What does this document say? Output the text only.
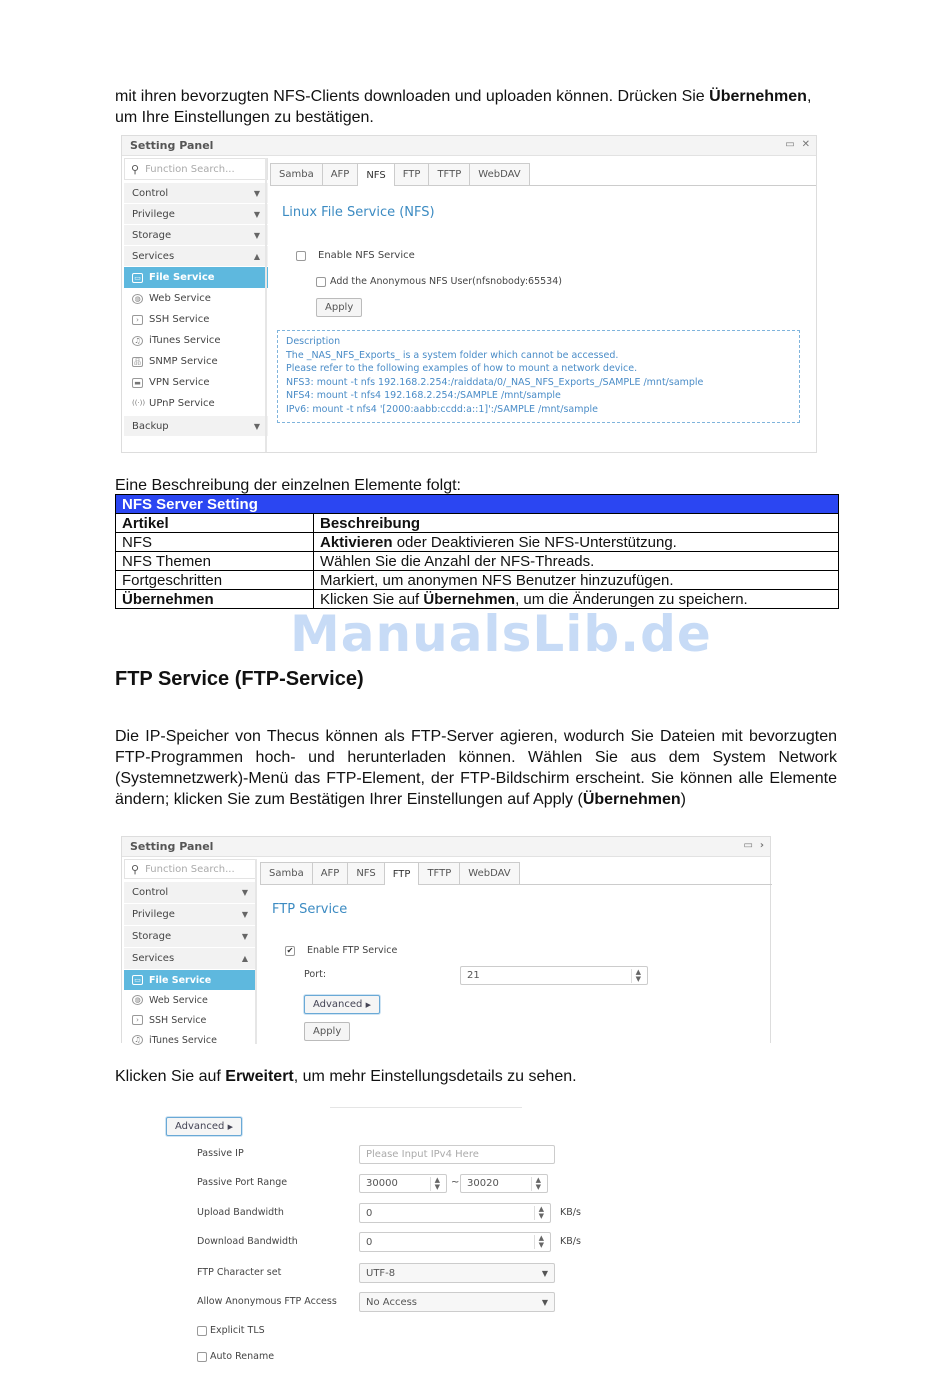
mit ihren bevorzugten NFS-Clients downloaden und uploaden können. Drücken Sie Übernehmen,
um Ihre Einstellungen zu bestätigen.
Setting Panel	▭ ✕
⚲ Function Search...
Control	▼
Privilege	▼
Storage	▼
Services	▲
▭ File Service
◍ Web Service
›	SSH Service
♫ iTunes Service
品 SNMP Service
▬ VPN Service
((·)) UPnP Service
Backup	▼
Samba	AFP	NFS	FTP	TFTP	WebDAV
Linux File Service (NFS)
Enable NFS Service
Add the Anonymous NFS User(nfsnobody:65534)
Apply
Description
The _NAS_NFS_Exports_ is a system folder which cannot be accessed.
Please refer to the following examples of how to mount a network device.
NFS3: mount -t nfs 192.168.2.254:/raiddata/0/_NAS_NFS_Exports_/SAMPLE /mnt/sample
NFS4: mount -t nfs4 192.168.2.254:/SAMPLE /mnt/sample
IPv6: mount -t nfs4 '[2000:aabb:ccdd:a::1]':/SAMPLE /mnt/sample
Eine Beschreibung der einzelnen Elemente folgt:
NFS Server Setting	
Artikel	Beschreibung
NFS	Aktivieren oder Deaktivieren Sie NFS-Unterstützung.
NFS Themen	Wählen Sie die Anzahl der NFS-Threads.
Fortgeschritten	Markiert, um anonymen NFS Benutzer hinzuzufügen.
Übernehmen	Klicken Sie auf Übernehmen, um die Änderungen zu speichern.
ManualsLib.de
FTP Service (FTP-Service)
Die IP-Speicher von Thecus können als FTP-Server agieren, wodurch Sie Dateien mit bevorzugten
FTP-Programmen hoch- und herunterladen können. Wählen Sie aus dem System Network
(Systemnetzwerk)-Menü das FTP-Element, der FTP-Bildschirm erscheint. Sie können alle Elemente
ändern; klicken Sie zum Bestätigen Ihrer Einstellungen auf Apply (Übernehmen)
Setting Panel	▭ ›
⚲ Function Search...
Control	▼
Privilege	▼
Storage	▼
Services	▲
▭ File Service
◍ Web Service
›	SSH Service
♫ iTunes Service
Samba	AFP	NFS	FTP	TFTP	WebDAV
FTP Service
✔ Enable FTP Service
Port:	21	▲
▼
Advanced ▶
Apply
Klicken Sie auf Erweitert, um mehr Einstellungsdetails zu sehen.
Advanced ▶
Passive IP	Please Input IPv4 Here
Passive Port Range	30000	▲
▼ ~ 30020	▲
▼
Upload Bandwidth	0	▲
▼ KB/s
Download Bandwidth	0	▲
▼ KB/s
FTP Character set	UTF-8	▼
Allow Anonymous FTP Access	No Access	▼
Explicit TLS
Auto Rename
